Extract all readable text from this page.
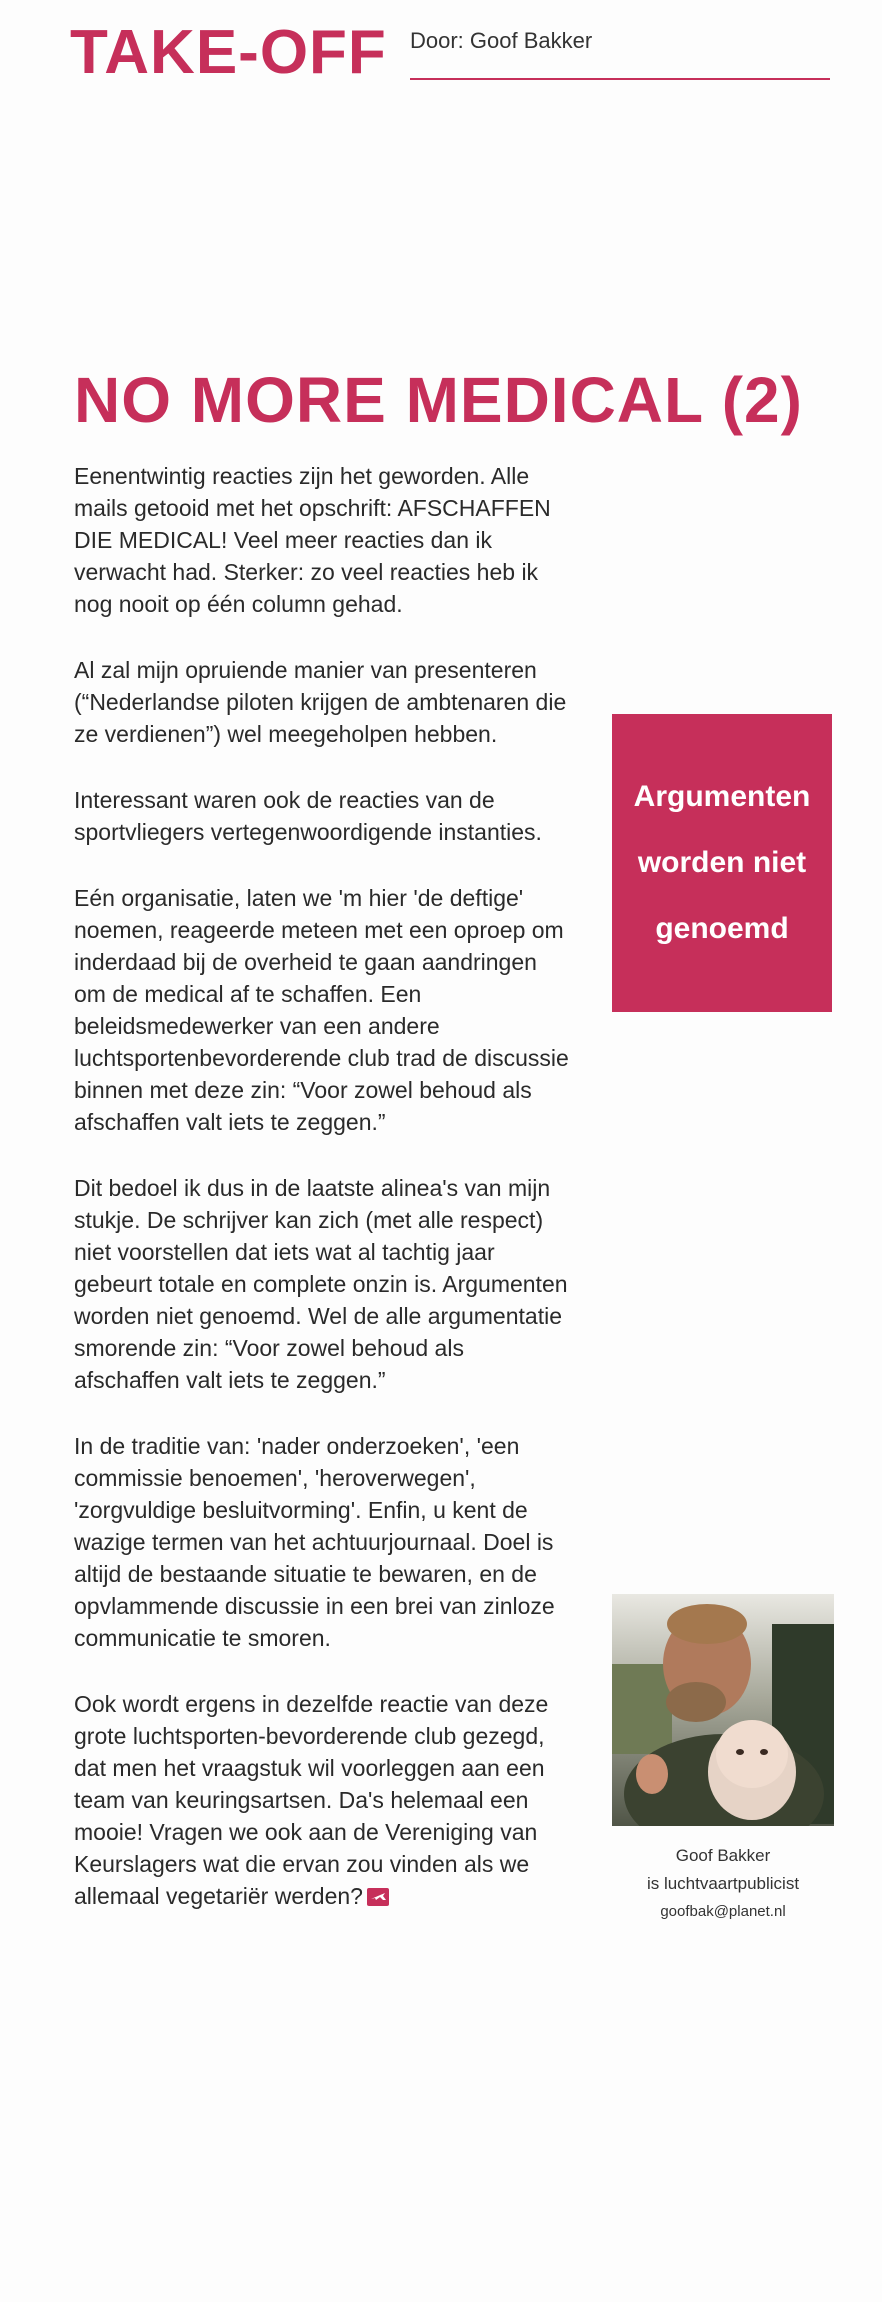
TAKE-OFF Door: Goof Bakker
NO MORE MEDICAL (2)

Eenentwintig reacties zijn het geworden. Alle mails getooid met het opschrift: AFSCHAFFEN DIE MEDICAL! Veel meer reacties dan ik verwacht had. Sterker: zo veel reacties heb ik nog nooit op één column gehad.

Al zal mijn opruiende manier van presenteren (“Nederlandse piloten krijgen de ambtenaren die ze verdienen”) wel meegeholpen hebben.

Interessant waren ook de reacties van de sportvliegers vertegenwoordigende instanties.

Eén organisatie, laten we 'm hier 'de deftige' noemen, reageerde meteen met een oproep om inderdaad bij de overheid te gaan aandringen om de medical af te schaffen. Een beleidsmedewerker van een andere luchtsportenbevorderende club trad de discussie binnen met deze zin: “Voor zowel behoud als afschaffen valt iets te zeggen.”

Dit bedoel ik dus in de laatste alinea's van mijn stukje. De schrijver kan zich (met alle respect) niet voorstellen dat iets wat al tachtig jaar gebeurt totale en complete onzin is. Argumenten worden niet genoemd. Wel de alle argumentatie smorende zin: “Voor zowel behoud als afschaffen valt iets te zeggen.”

In de traditie van: 'nader onderzoeken', 'een commissie benoemen', 'heroverwegen', 'zorgvuldige besluitvorming'. Enfin, u kent de wazige termen van het achtuurjournaal. Doel is altijd de bestaande situatie te bewaren, en de opvlammende discussie in een brei van zinloze communicatie te smoren.

Ook wordt ergens in dezelfde reactie van deze grote luchtsporten-bevorderende club gezegd, dat men het vraagstuk wil voorleggen aan een team van keuringsartsen. Da's helemaal een mooie! Vragen we ook aan de Vereniging van Keurslagers wat die ervan zou vinden als we allemaal vegetariër werden?

Argumenten worden niet genoemd
Goof Bakker
is luchtvaartpublicist
goofbak@planet.nl
